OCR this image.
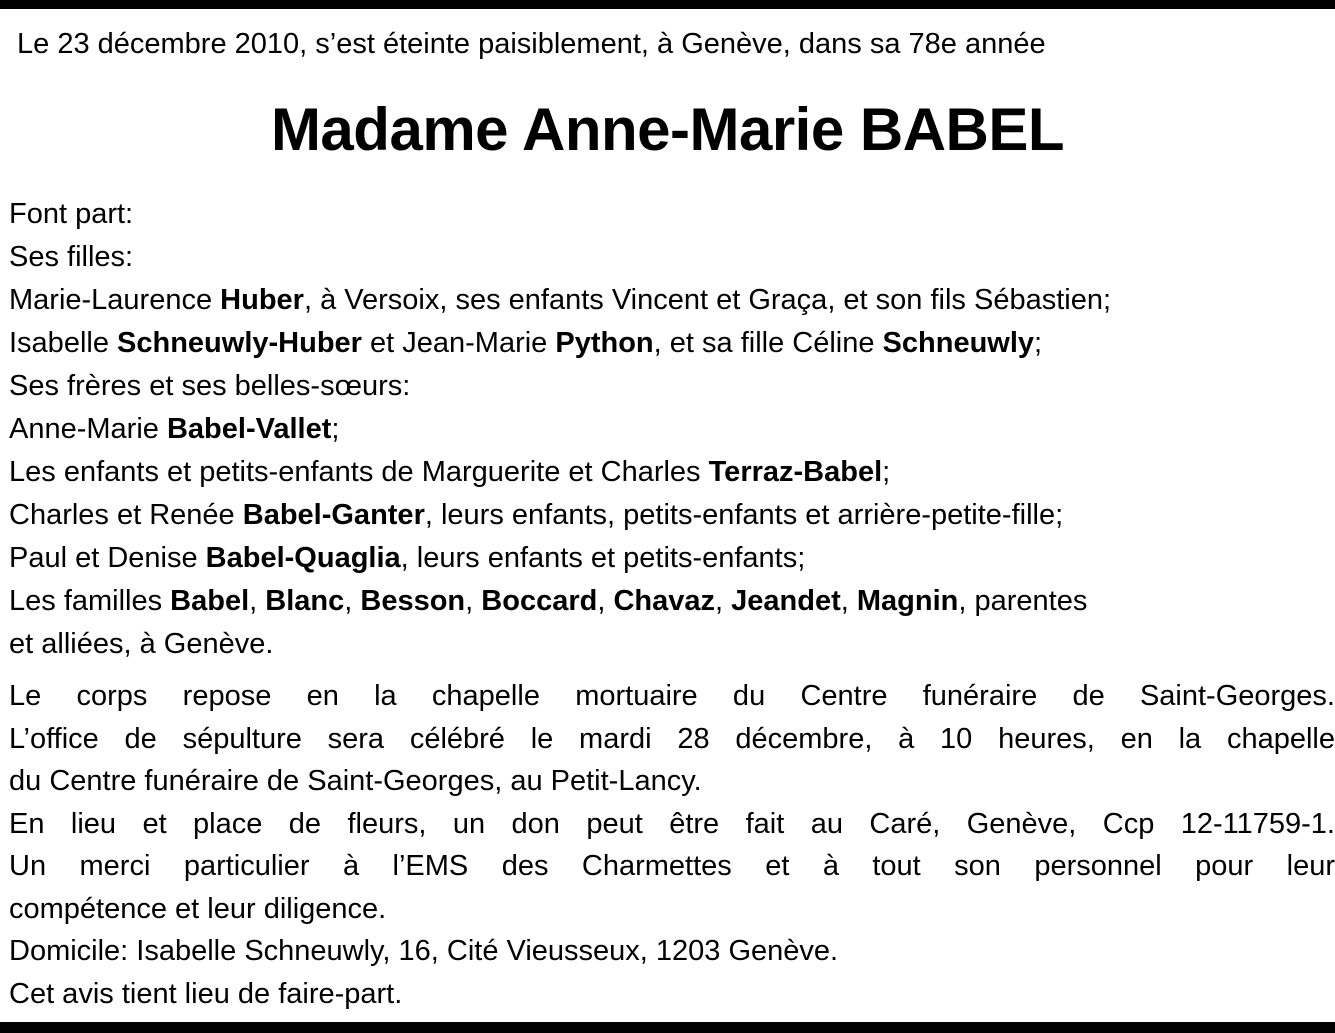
Le 23 décembre 2010, s’est éteinte paisiblement, à Genève, dans sa 78e année
Madame Anne-Marie BABEL
Font part:
Ses filles:
Marie-Laurence Huber, à Versoix, ses enfants Vincent et Graça, et son fils Sébastien;
Isabelle Schneuwly-Huber et Jean-Marie Python, et sa fille Céline Schneuwly;
Ses frères et ses belles-sœurs:
Anne-Marie Babel-Vallet;
Les enfants et petits-enfants de Marguerite et Charles Terraz-Babel;
Charles et Renée Babel-Ganter, leurs enfants, petits-enfants et arrière-petite-fille;
Paul et Denise Babel-Quaglia, leurs enfants et petits-enfants;
Les familles Babel, Blanc, Besson, Boccard, Chavaz, Jeandet, Magnin, parentes
et alliées, à Genève.

Le corps repose en la chapelle mortuaire du Centre funéraire de Saint-Georges.

L’office de sépulture sera célébré le mardi 28 décembre, à 10 heures, en la chapelle

du Centre funéraire de Saint-Georges, au Petit-Lancy.

En lieu et place de fleurs, un don peut être fait au Caré, Genève, Ccp 12-11759-1.

Un merci particulier à l’EMS des Charmettes et à tout son personnel pour leur

compétence et leur diligence.

Domicile: Isabelle Schneuwly, 16, Cité Vieusseux, 1203 Genève.

Cet avis tient lieu de faire-part.
